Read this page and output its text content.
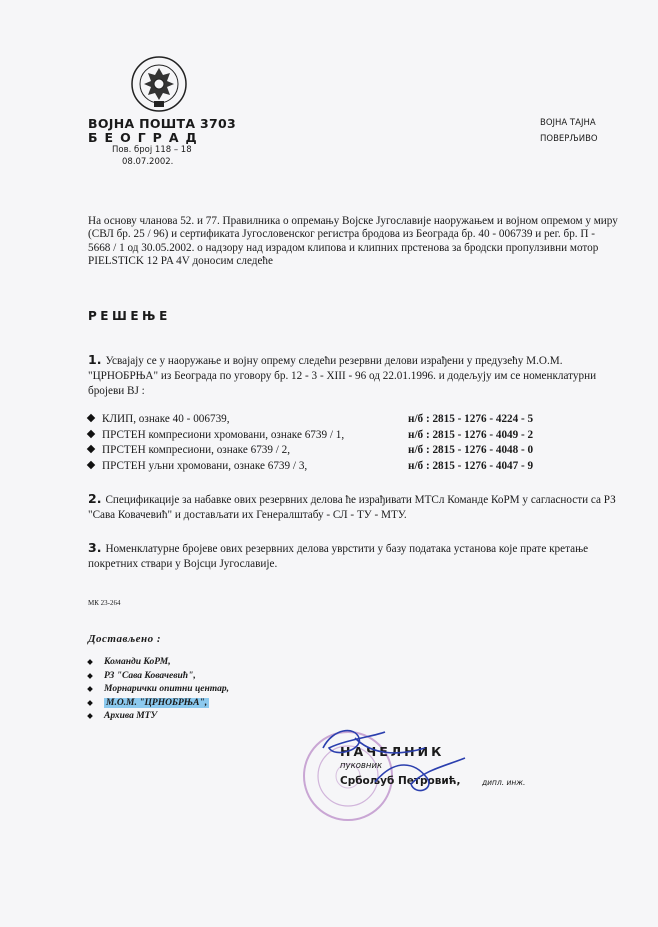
ВОЈНА ПОШТА 3703
БЕОГРАД
Пов. број 118 – 18
08.07.2002.
ВОЈНА ТАЈНА
ПОВЕРЉИВО
На основу чланова 52. и 77. Правилника о опремању Војске Југославије наоружањем и војном опремом у миру (СВЛ бр. 25 / 96) и сертификата Југословенског регистра бродова из Београда бр. 40 - 006739 и рег. бр. П - 5668 / 1 од 30.05.2002. о надзору над израдом клипова и клипних прстенова за бродски пропулзивни мотор PIELSTICK 12 PA 4V доносим следеће
РЕШЕЊЕ
1. Усвајају се у наоружање и војну опрему следећи резервни делови израђени у предузећу М.О.М. "ЦРНОБРЊА" из Београда по уговору бр. 12 - 3 - XIII - 96 од 22.01.1996. и додељују им се номенклатурни бројеви ВЈ :
КЛИП, ознаке 40 - 006739,	н/б : 2815 - 1276 - 4224 - 5
ПРСТЕН компресиони хромовани, ознаке 6739 / 1,	н/б : 2815 - 1276 - 4049 - 2
ПРСТЕН компресиони, ознаке 6739 / 2,	н/б : 2815 - 1276 - 4048 - 0
ПРСТЕН уљни хромовани, ознаке 6739 / 3,	н/б : 2815 - 1276 - 4047 - 9
2. Спецификације за набавке ових резервних делова ће израђивати МТСл Команде КоРМ у сагласности са РЗ "Сава Ковачевић" и достављати их Генералштабу - СЛ - ТУ - МТУ.
3. Номенклатурне бројеве ових резервних делова уврстити у базу података установа које прате кретање покретних ствари у Војсци Југославије.
МК 23-264
Достављено :
Команди КоРМ,
РЗ "Сава Ковачевић",
Морнарички опитни центар,
М.О.М. "ЦРНОБРЊА",
Архива МТУ
НАЧЕЛНИК
пуковник
Србољуб Петровић,	дипл. инж.
